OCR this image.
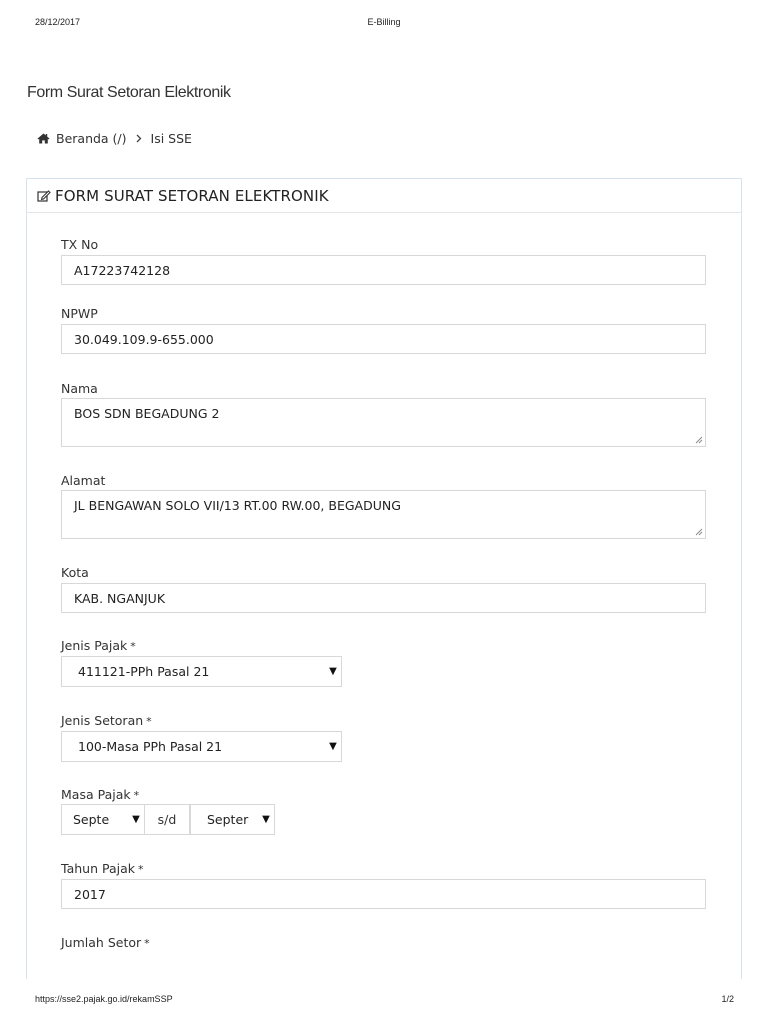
28/12/2017	E-Billing
Form Surat Setoran Elektronik
Beranda (/) Isi SSE
FORM SURAT SETORAN ELEKTRONIK
TX No
A17223742128
NPWP
30.049.109.9-655.000
Nama
BOS SDN BEGADUNG 2
Alamat
JL BENGAWAN SOLO VII/13 RT.00 RW.00, BEGADUNG
Kota
KAB. NGANJUK
Jenis Pajak *
411121-PPh Pasal 21	▼
Jenis Setoran *
100-Masa PPh Pasal 21	▼
Masa Pajak *
Septe	▼	s/d	Septer	▼
Tahun Pajak *
2017
Jumlah Setor *
https://sse2.pajak.go.id/rekamSSP	1/2
